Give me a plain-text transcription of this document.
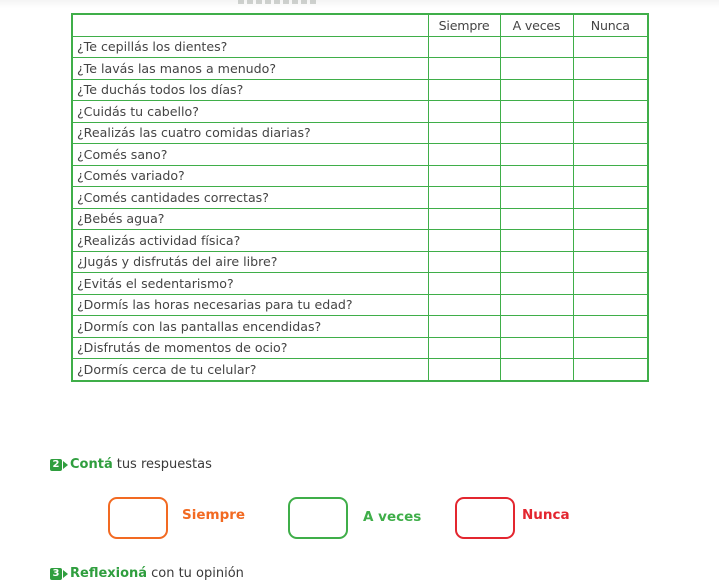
	Siempre	A veces	Nunca
¿Te cepillás los dientes?			
¿Te lavás las manos a menudo?			
¿Te duchás todos los días?			
¿Cuidás tu cabello?			
¿Realizás las cuatro comidas diarias?			
¿Comés sano?			
¿Comés variado?			
¿Comés cantidades correctas?			
¿Bebés agua?			
¿Realizás actividad física?			
¿Jugás y disfrutás del aire libre?			
¿Evitás el sedentarismo?			
¿Dormís las horas necesarias para tu edad?			
¿Dormís con las pantallas encendidas?			
¿Disfrutás de momentos de ocio?			
¿Dormís cerca de tu celular?			
2 Contá tus respuestas
Siempre	A veces	Nunca
3 Reflexioná con tu opinión
